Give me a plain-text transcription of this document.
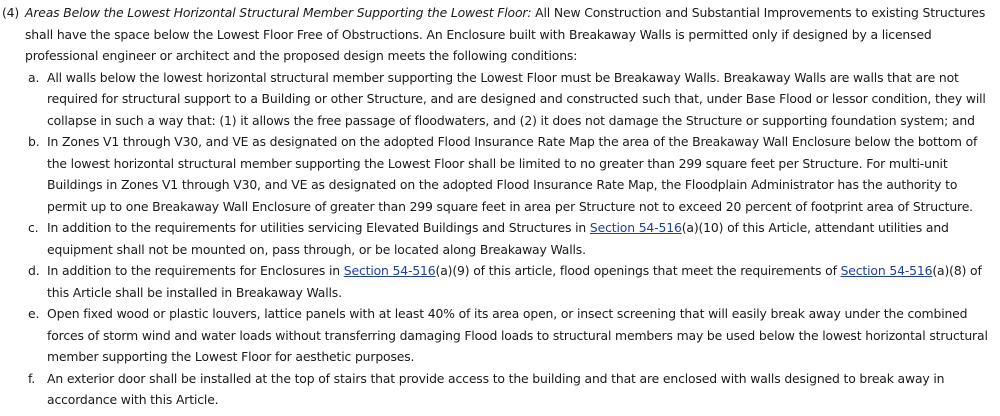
(4) Areas Below the Lowest Horizontal Structural Member Supporting the Lowest Floor: All New Construction and Substantial Improvements to existing Structures shall have the space below the Lowest Floor Free of Obstructions. An Enclosure built with Breakaway Walls is permitted only if designed by a licensed professional engineer or architect and the proposed design meets the following conditions:
a. All walls below the lowest horizontal structural member supporting the Lowest Floor must be Breakaway Walls. Breakaway Walls are walls that are not required for structural support to a Building or other Structure, and are designed and constructed such that, under Base Flood or lessor condition, they will collapse in such a way that: (1) it allows the free passage of floodwaters, and (2) it does not damage the Structure or supporting foundation system; and
b. In Zones V1 through V30, and VE as designated on the adopted Flood Insurance Rate Map the area of the Breakaway Wall Enclosure below the bottom of the lowest horizontal structural member supporting the Lowest Floor shall be limited to no greater than 299 square feet per Structure. For multi-unit Buildings in Zones V1 through V30, and VE as designated on the adopted Flood Insurance Rate Map, the Floodplain Administrator has the authority to permit up to one Breakaway Wall Enclosure of greater than 299 square feet in area per Structure not to exceed 20 percent of footprint area of Structure.
c. In addition to the requirements for utilities servicing Elevated Buildings and Structures in Section 54-516(a)(10) of this Article, attendant utilities and equipment shall not be mounted on, pass through, or be located along Breakaway Walls.
d. In addition to the requirements for Enclosures in Section 54-516(a)(9) of this article, flood openings that meet the requirements of Section 54-516(a)(8) of this Article shall be installed in Breakaway Walls.
e. Open fixed wood or plastic louvers, lattice panels with at least 40% of its area open, or insect screening that will easily break away under the combined forces of storm wind and water loads without transferring damaging Flood loads to structural members may be used below the lowest horizontal structural member supporting the Lowest Floor for aesthetic purposes.
f. An exterior door shall be installed at the top of stairs that provide access to the building and that are enclosed with walls designed to break away in accordance with this Article.
